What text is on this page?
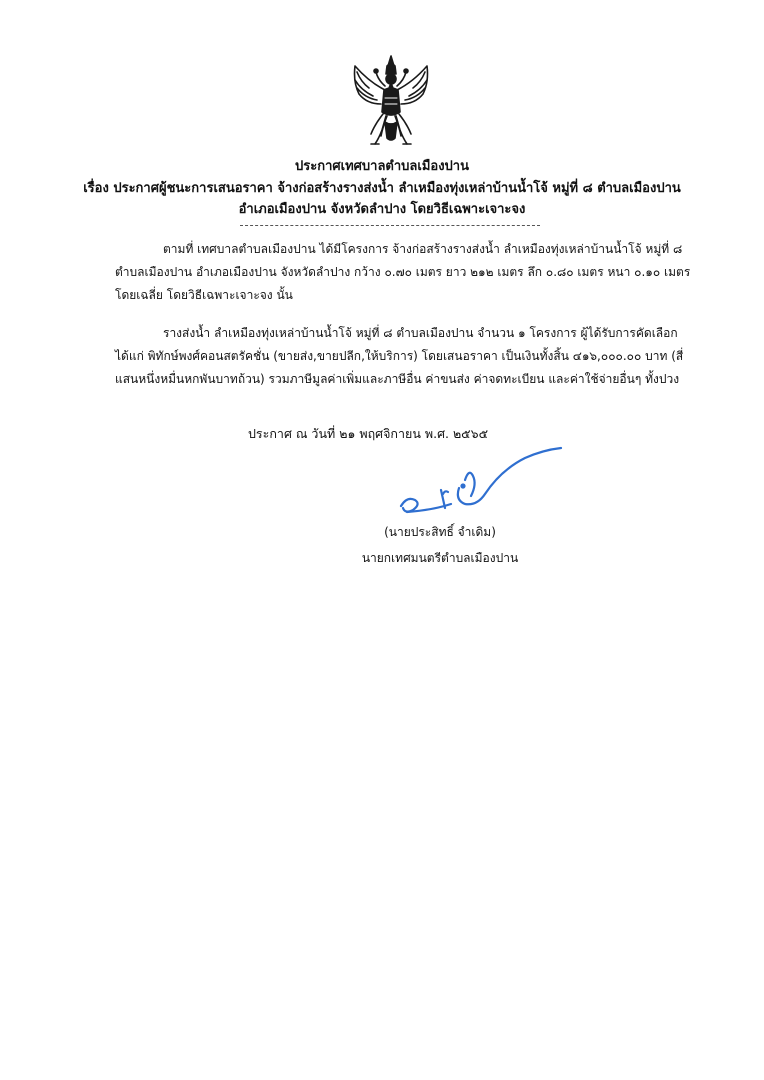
ประกาศเทศบาลตำบลเมืองปาน
เรื่อง ประกาศผู้ชนะการเสนอราคา จ้างก่อสร้างรางส่งน้ำ ลำเหมืองทุ่งเหล่าบ้านน้ำโจ้ หมู่ที่ ๘ ตำบลเมืองปาน
อำเภอเมืองปาน จังหวัดลำปาง โดยวิธีเฉพาะเจาะจง
ตามที่ เทศบาลตำบลเมืองปาน ได้มีโครงการ จ้างก่อสร้างรางส่งน้ำ ลำเหมืองทุ่งเหล่าบ้านน้ำโจ้ หมู่ที่ ๘
ตำบลเมืองปาน อำเภอเมืองปาน จังหวัดลำปาง กว้าง ๐.๗๐ เมตร ยาว ๒๑๒ เมตร ลึก ๐.๘๐ เมตร หนา ๐.๑๐ เมตร
โดยเฉลี่ย โดยวิธีเฉพาะเจาะจง นั้น
รางส่งน้ำ ลำเหมืองทุ่งเหล่าบ้านน้ำโจ้ หมู่ที่ ๘ ตำบลเมืองปาน จำนวน ๑ โครงการ ผู้ได้รับการคัดเลือก
ได้แก่ พิทักษ์พงศ์คอนสตรัคชั่น (ขายส่ง,ขายปลีก,ให้บริการ) โดยเสนอราคา เป็นเงินทั้งสิ้น ๔๑๖,๐๐๐.๐๐ บาท (สี่
แสนหนึ่งหมื่นหกพันบาทถ้วน) รวมภาษีมูลค่าเพิ่มและภาษีอื่น ค่าขนส่ง ค่าจดทะเบียน และค่าใช้จ่ายอื่นๆ ทั้งปวง
ประกาศ ณ วันที่ ๒๑ พฤศจิกายน พ.ศ. ๒๕๖๕
(นายประสิทธิ์ จำเดิม)
นายกเทศมนตรีตำบลเมืองปาน
